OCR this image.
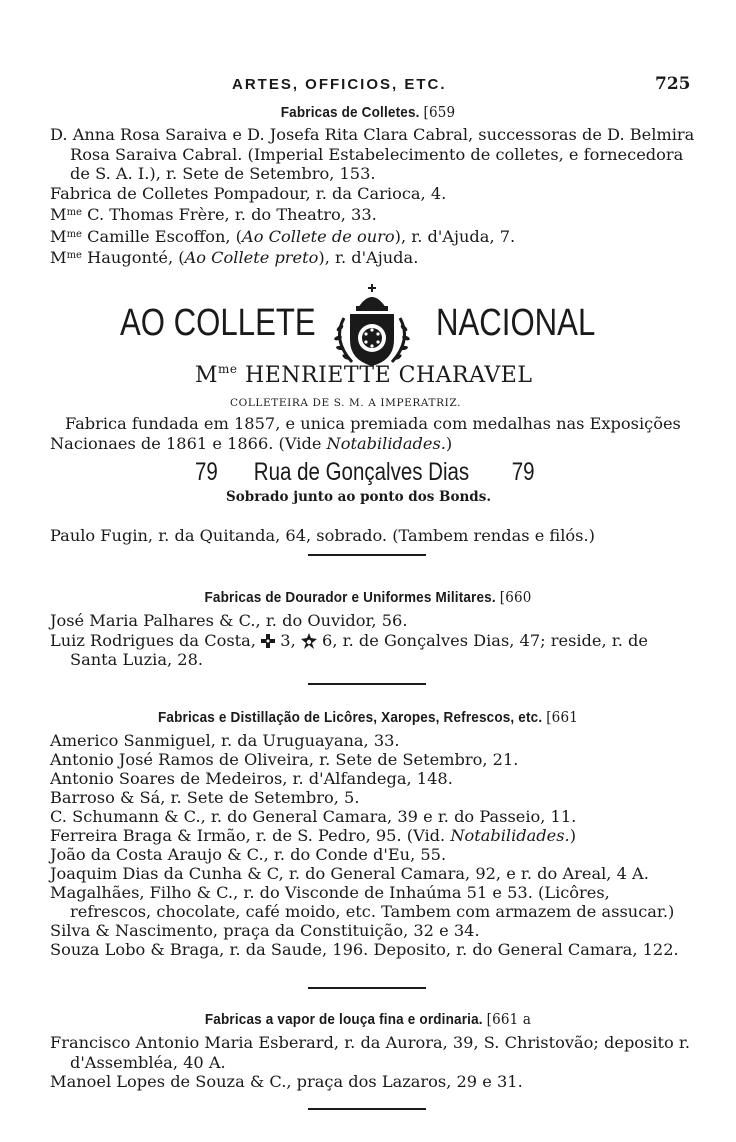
ARTES, OFFICIOS, ETC.	725
Fabricas de Colletes. [659

D. Anna Rosa Saraiva e D. Josefa Rita Clara Cabral, successoras de D. Belmira Rosa Saraiva Cabral. (Imperial Estabelecimento de colletes, e fornecedora de S. A. I.), r. Sete de Setembro, 153.

Fabrica de Colletes Pompadour, r. da Carioca, 4.

$M^{me}$ C. Thomas Frère, r. do Theatro, 33.

$M^{me}$ Camille Escoffon, (Ao Collete de ouro), r. d'Ajuda, 7.

$M^{me}$ Haugonté, (Ao Collete preto), r. d'Ajuda.

AO COLLETE	NACIONAL
$M^{me}$ HENRIETTE CHARAVEL
COLLETEIRA DE S. M. A IMPERATRIZ.
Fabrica fundada em 1857, e unica premiada com medalhas nas Exposições
Nacionaes de 1861 e 1866. (Vide Notabilidades.)
79 Rua de Gonçalves Dias 79
Sobrado junto ao ponto dos Bonds.
Paulo Fugin, r. da Quitanda, 64, sobrado. (Tambem rendas e filós.)
Fabricas de Dourador e Uniformes Militares. [660

José Maria Palhares & C., r. do Ouvidor, 56.

Luiz Rodrigues da Costa, 3, 6, r. de Gonçalves Dias, 47; reside, r. de Santa Luzia, 28.

Fabricas e Distillação de Licôres, Xaropes, Refrescos, etc. [661

Americo Sanmiguel, r. da Uruguayana, 33.

Antonio José Ramos de Oliveira, r. Sete de Setembro, 21.

Antonio Soares de Medeiros, r. d'Alfandega, 148.

Barroso & Sá, r. Sete de Setembro, 5.

C. Schumann & C., r. do General Camara, 39 e r. do Passeio, 11.

Ferreira Braga & Irmão, r. de S. Pedro, 95. (Vid. Notabilidades.)

João da Costa Araujo & C., r. do Conde d'Eu, 55.

Joaquim Dias da Cunha & C, r. do General Camara, 92, e r. do Areal, 4 A.

Magalhães, Filho & C., r. do Visconde de Inhaúma 51 e 53. (Licôres, refrescos, chocolate, café moido, etc. Tambem com armazem de assucar.)

Silva & Nascimento, praça da Constituição, 32 e 34.

Souza Lobo & Braga, r. da Saude, 196. Deposito, r. do General Camara, 122.

Fabricas a vapor de louça fina e ordinaria. [661 a

Francisco Antonio Maria Esberard, r. da Aurora, 39, S. Christovão; deposito r. d'Assembléa, 40 A.

Manoel Lopes de Souza & C., praça dos Lazaros, 29 e 31.
